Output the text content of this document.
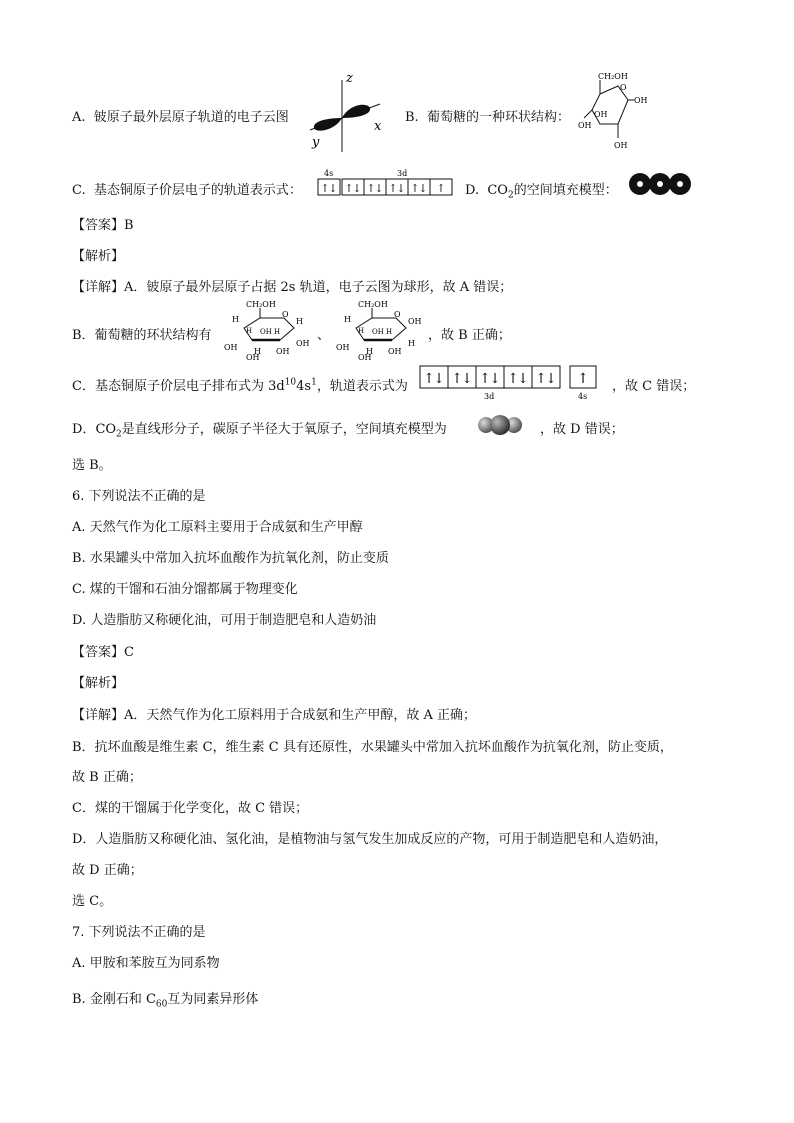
A. 铍原子最外层原子轨道的电子云图
z
x
y
B. 葡萄糖的一种环状结构：
CH₂OH
O
OH
OH
OH
OH
C. 基态铜原子价层电子的轨道表示式：
4s	3d
↑
↓ ↑
↓ ↑
↓ ↑
↓ ↑
↓ ↑ D. $CO_2$的空间填充模型：
【答案】B
【解析】
【详解】A．铍原子最外层原子占据 2s 轨道，电子云图为球形，故 A 错误；
B．葡萄糖的环状结构有
CH₂OH
O
H
H OH H
H
OH H OH
OH
OH
、
CH₂OH
O
H
H OH H
OH
OH H OH
H
OH
，故 B 正确；
C．基态铜原子价层电子排布式为 $3d^{10}4s^1$，轨道表示式为 ↑
↓ ↑
↓ ↑
↓ ↑
↓ ↑
↓ ↑
3d	4s
，故 C 错误；
D．$CO_2$是直线形分子，碳原子半径大于氧原子，空间填充模型为	，故 D 错误；
选 B。
6. 下列说法不正确的是
A. 天然气作为化工原料主要用于合成氨和生产甲醇
B. 水果罐头中常加入抗坏血酸作为抗氧化剂，防止变质
C. 煤的干馏和石油分馏都属于物理变化
D. 人造脂肪又称硬化油，可用于制造肥皂和人造奶油
【答案】C
【解析】
【详解】A．天然气作为化工原料用于合成氨和生产甲醇，故 A 正确；
B．抗坏血酸是维生素 C，维生素 C 具有还原性，水果罐头中常加入抗坏血酸作为抗氧化剂，防止变质，
故 B 正确；
C．煤的干馏属于化学变化，故 C 错误；
D．人造脂肪又称硬化油、氢化油，是植物油与氢气发生加成反应的产物，可用于制造肥皂和人造奶油，
故 D 正确；
选 C。
7. 下列说法不正确的是
A. 甲胺和苯胺互为同系物
B. 金刚石和 $C_{60}$互为同素异形体
